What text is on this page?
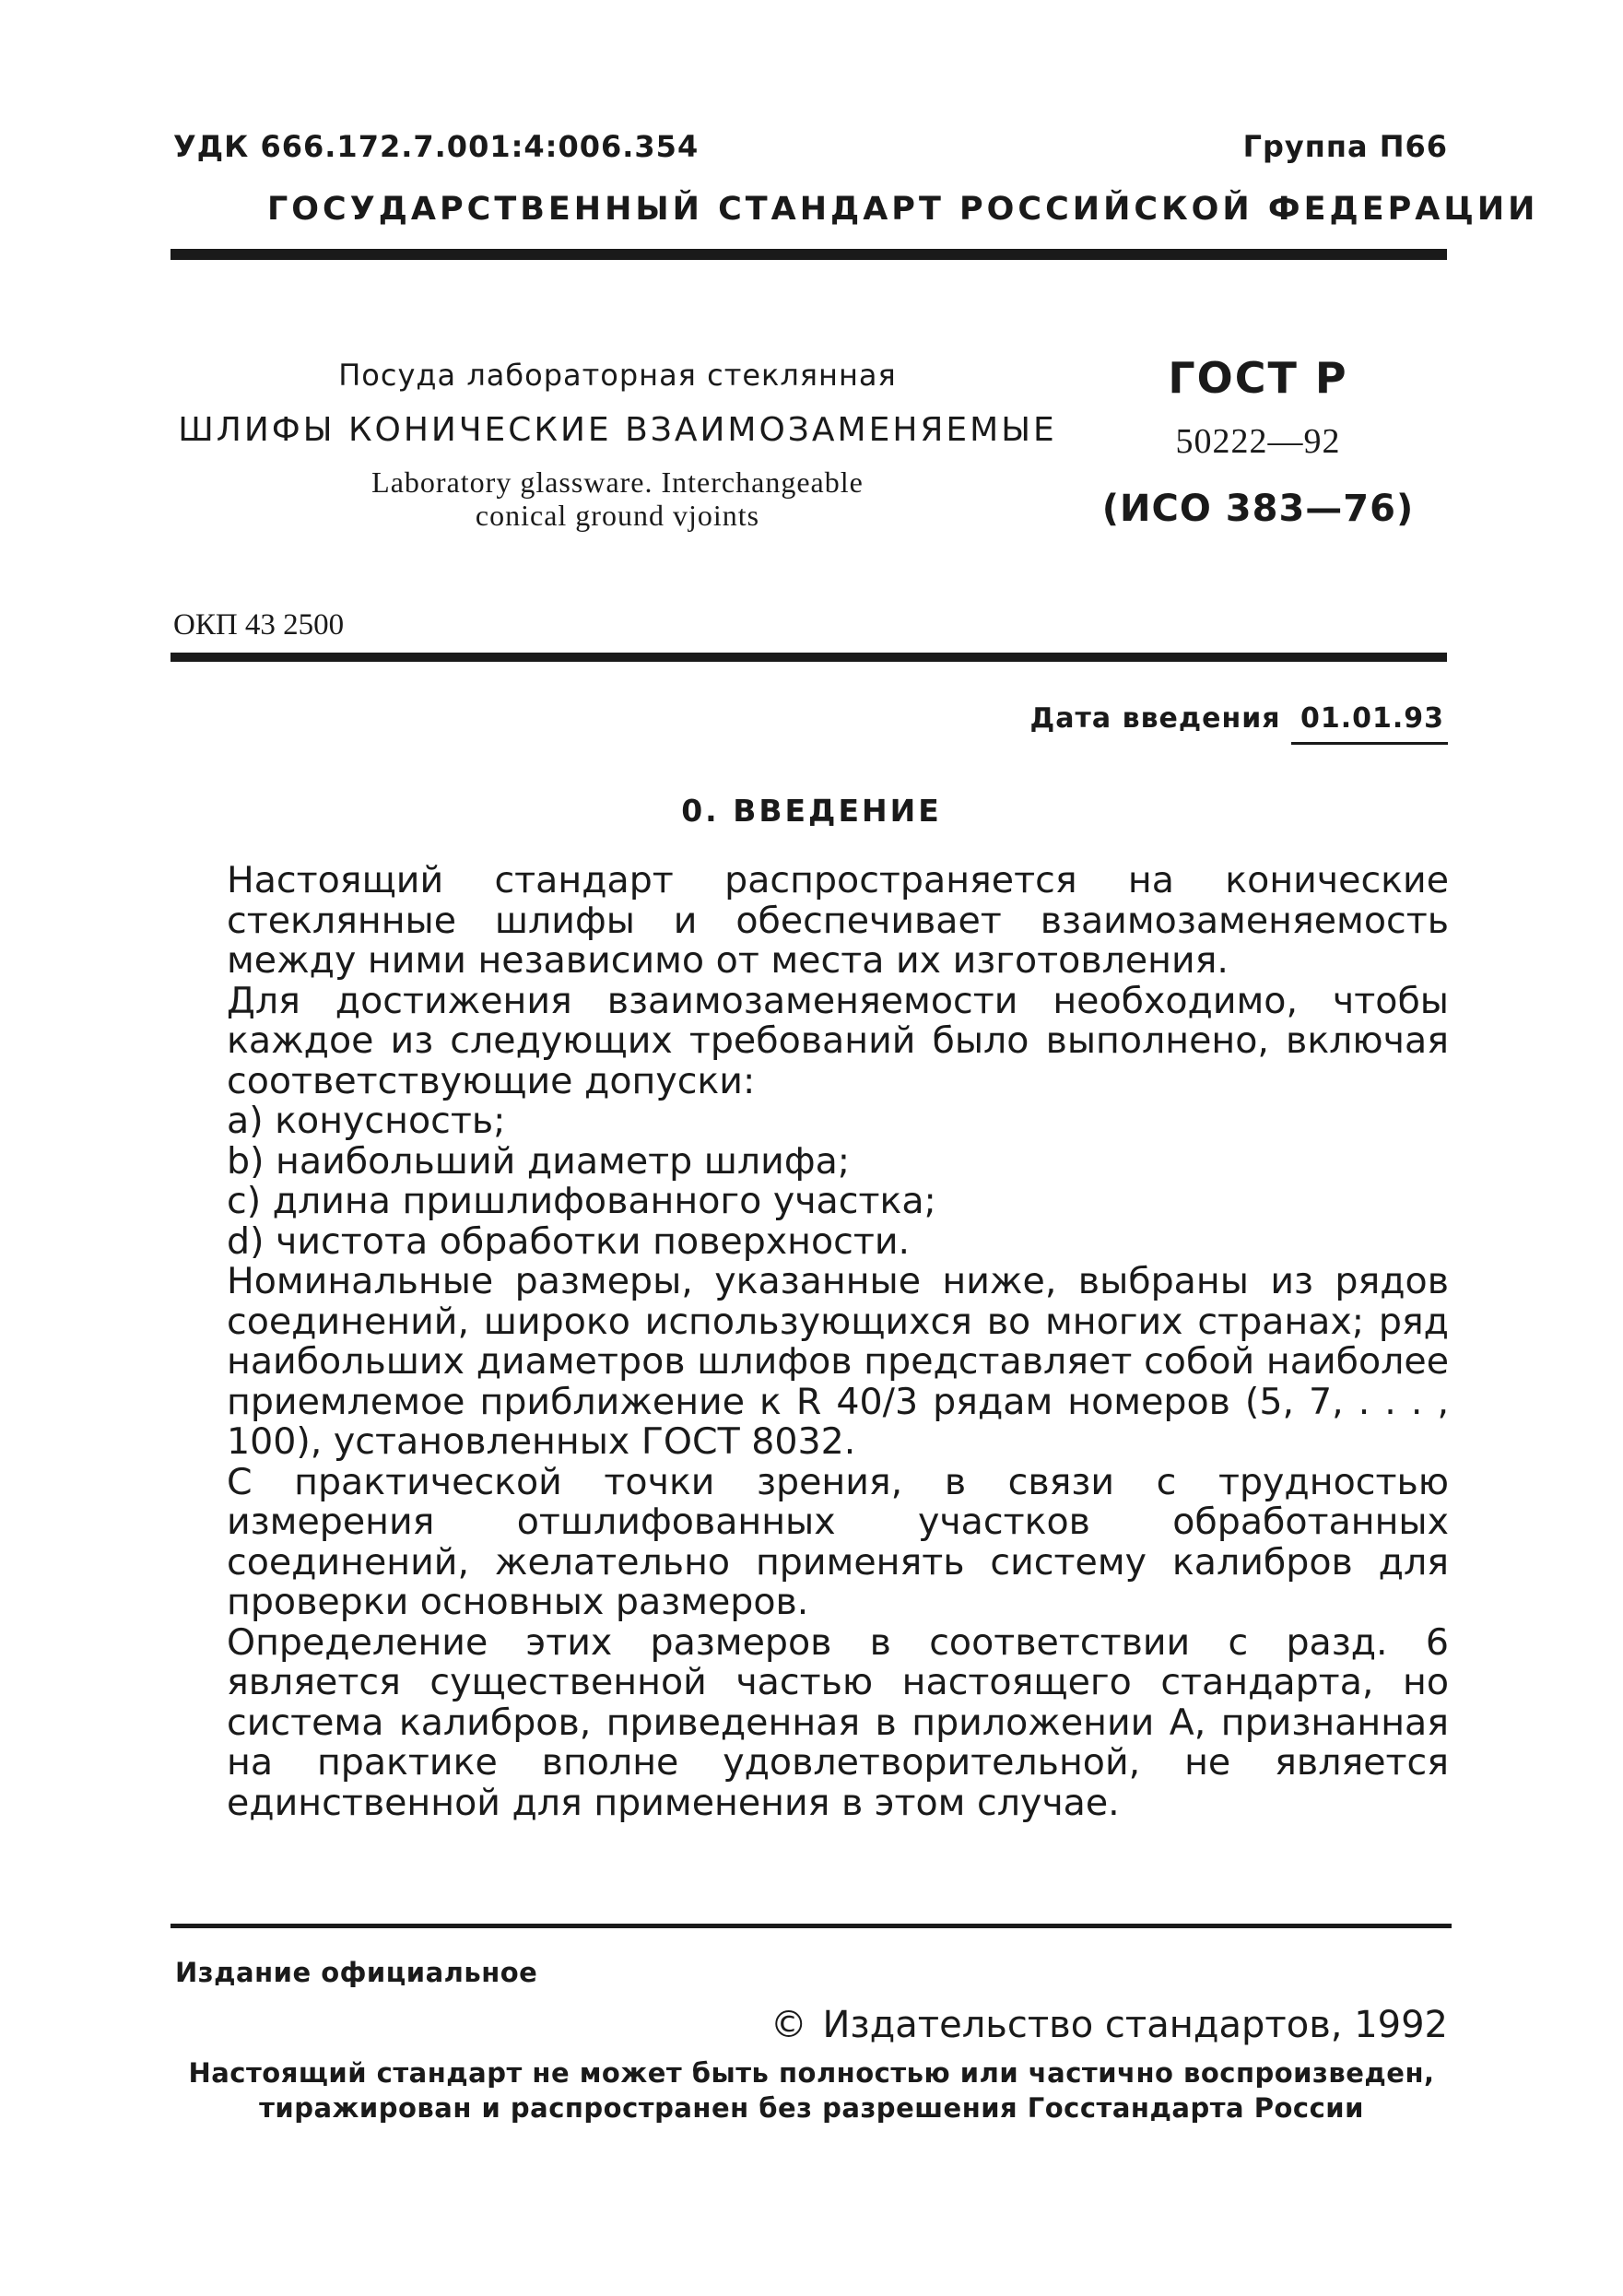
УДК 666.172.7.001:4:006.354	Группа П66
ГОСУДАРСТВЕННЫЙ СТАНДАРТ РОССИЙСКОЙ ФЕДЕРАЦИИ
Посуда лабораторная стеклянная
ШЛИФЫ КОНИЧЕСКИЕ ВЗАИМОЗАМЕНЯЕМЫЕ
Laboratory glassware. Interchangeable
conical ground vjoints
ГОСТ Р
50222—92
(ИСО 383—76)
ОКП 43 2500
Дата введения 01.01.93
0. ВВЕДЕНИЕ

Настоящий стандарт распространяется на конические стеклянные шлифы и обеспечивает взаимозаменяемость между ними независимо от места их изготовления.

Для достижения взаимозаменяемости необходимо, чтобы каждое из следующих требований было выполнено, включая соответствующие допуски:

a) конусность;
b) наибольший диаметр шлифа;
c) длина пришлифованного участка;
d) чистота обработки поверхности.

Номинальные размеры, указанные ниже, выбраны из рядов соединений, широко использующихся во многих странах; ряд наибольших диаметров шлифов представляет собой наиболее приемлемое приближение к R 40/3 рядам номеров (5, 7, . . . , 100), установленных ГОСТ 8032.

С практической точки зрения, в связи с трудностью измерения отшлифованных участков обработанных соединений, желательно применять систему калибров для проверки основных размеров.

Определение этих размеров в соответствии с разд. 6 является существенной частью настоящего стандарта, но система калибров, приведенная в приложении А, признанная на практике вполне удовлетворительной, не является единственной для применения в этом случае.

Издание официальное
© Издательство стандартов, 1992
Настоящий стандарт не может быть полностью или частично воспроизведен,
тиражирован и распространен без разрешения Госстандарта России
